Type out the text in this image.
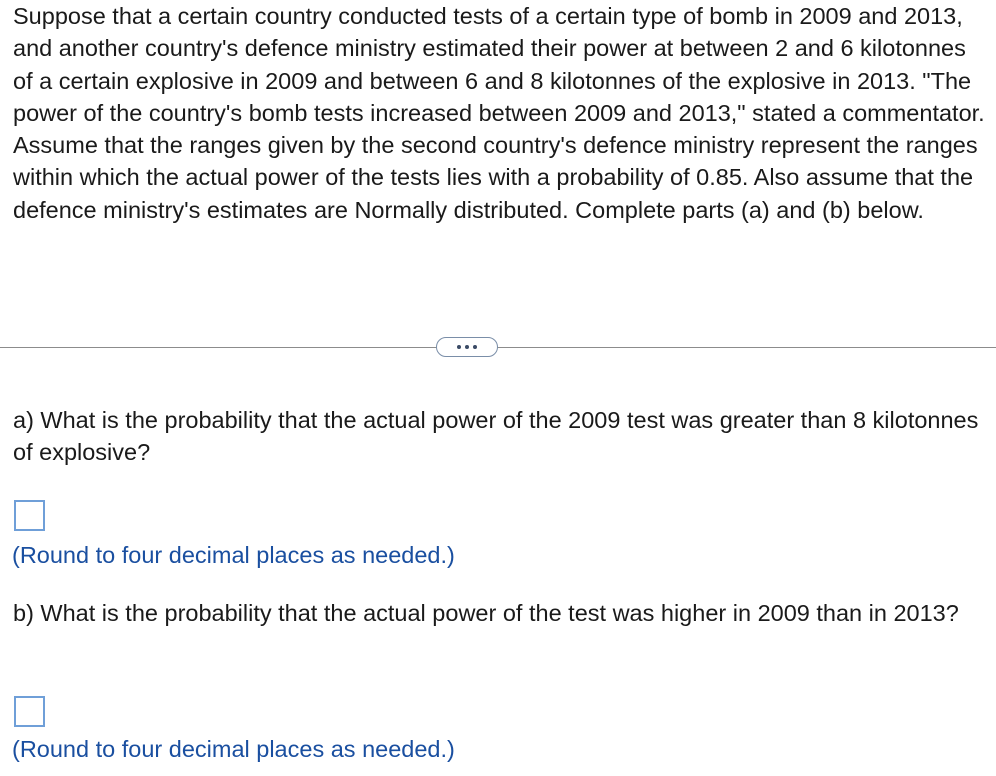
Suppose that a certain country conducted tests of a certain type of bomb in 2009 and 2013, and another country's defence ministry estimated their power at between 2 and 6 kilotonnes of a certain explosive in 2009 and between 6 and 8 kilotonnes of the explosive in 2013. "The power of the country's bomb tests increased between 2009 and 2013," stated a commentator. Assume that the ranges given by the second country's defence ministry represent the ranges within which the actual power of the tests lies with a probability of 0.85. Also assume that the defence ministry's estimates are Normally distributed. Complete parts (a) and (b) below.

a) What is the probability that the actual power of the 2009 test was greater than 8 kilotonnes of explosive?

(Round to four decimal places as needed.)

b) What is the probability that the actual power of the test was higher in 2009 than in 2013?

(Round to four decimal places as needed.)
